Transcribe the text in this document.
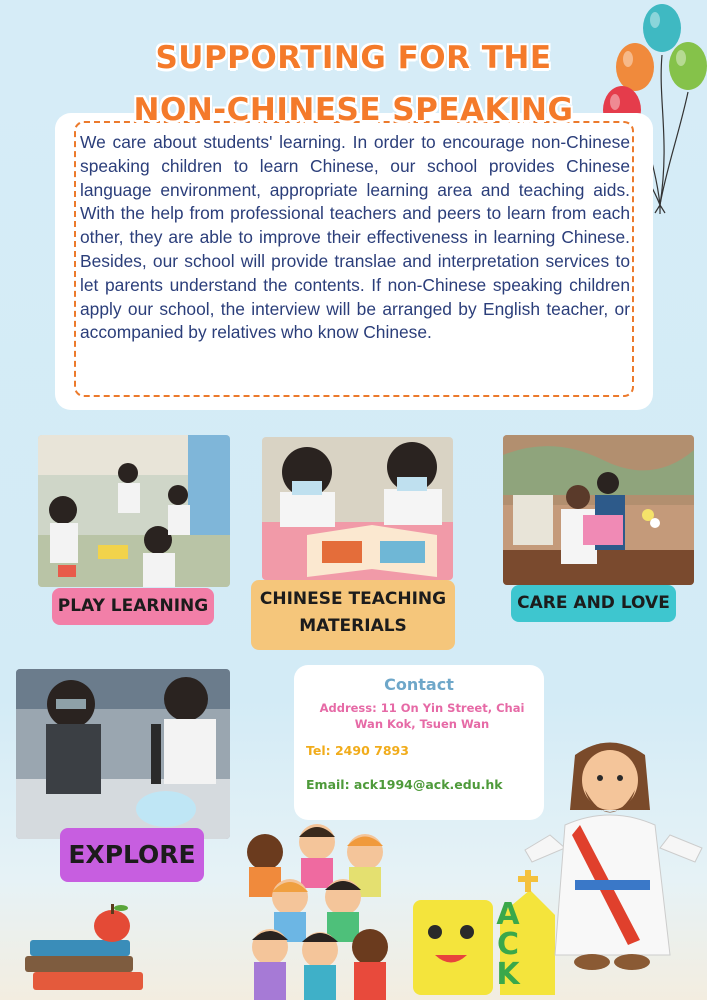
SUPPORTING FOR THE
NON-CHINESE SPEAKING
We care about students' learning. In order to encourage non-Chinese speaking children to learn Chinese, our school provides Chinese language environment, appropriate learning area and teaching aids. With the help from professional teachers and peers to learn from each other, they are able to improve their effectiveness in learning Chinese. Besides, our school will provide translae and interpretation services to let parents understand the contents. If non-Chinese speaking children apply our school, the interview will be arranged by English teacher, or accompanied by relatives who know Chinese.
PLAY LEARNING	CHINESE TEACHING
MATERIALS
CARE AND LOVE
EXPLORE
Contact
Address: 11 On Yin Street, Chai Wan Kok, Tsuen Wan
Tel: 2490 7893
Email: ack1994@ack.edu.hk
ACK
